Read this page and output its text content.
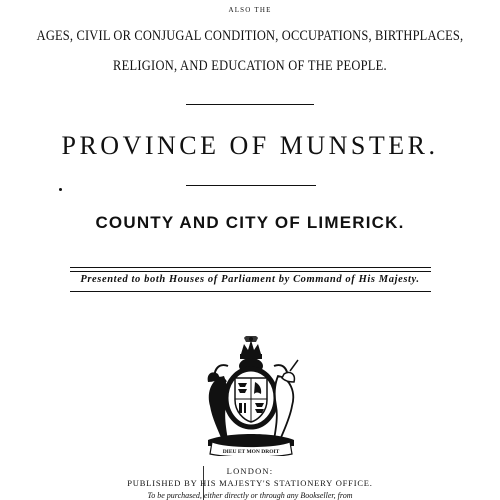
ALSO THE
AGES, CIVIL OR CONJUGAL CONDITION, OCCUPATIONS, BIRTHPLACES,
RELIGION, AND EDUCATION OF THE PEOPLE.
PROVINCE OF MUNSTER.
COUNTY AND CITY OF LIMERICK.
Presented to both Houses of Parliament by Command of His Majesty.
DIEU ET MON DROIT
LONDON:
PUBLISHED BY HIS MAJESTY'S STATIONERY OFFICE.
To be purchased, either directly or through any Bookseller, from
